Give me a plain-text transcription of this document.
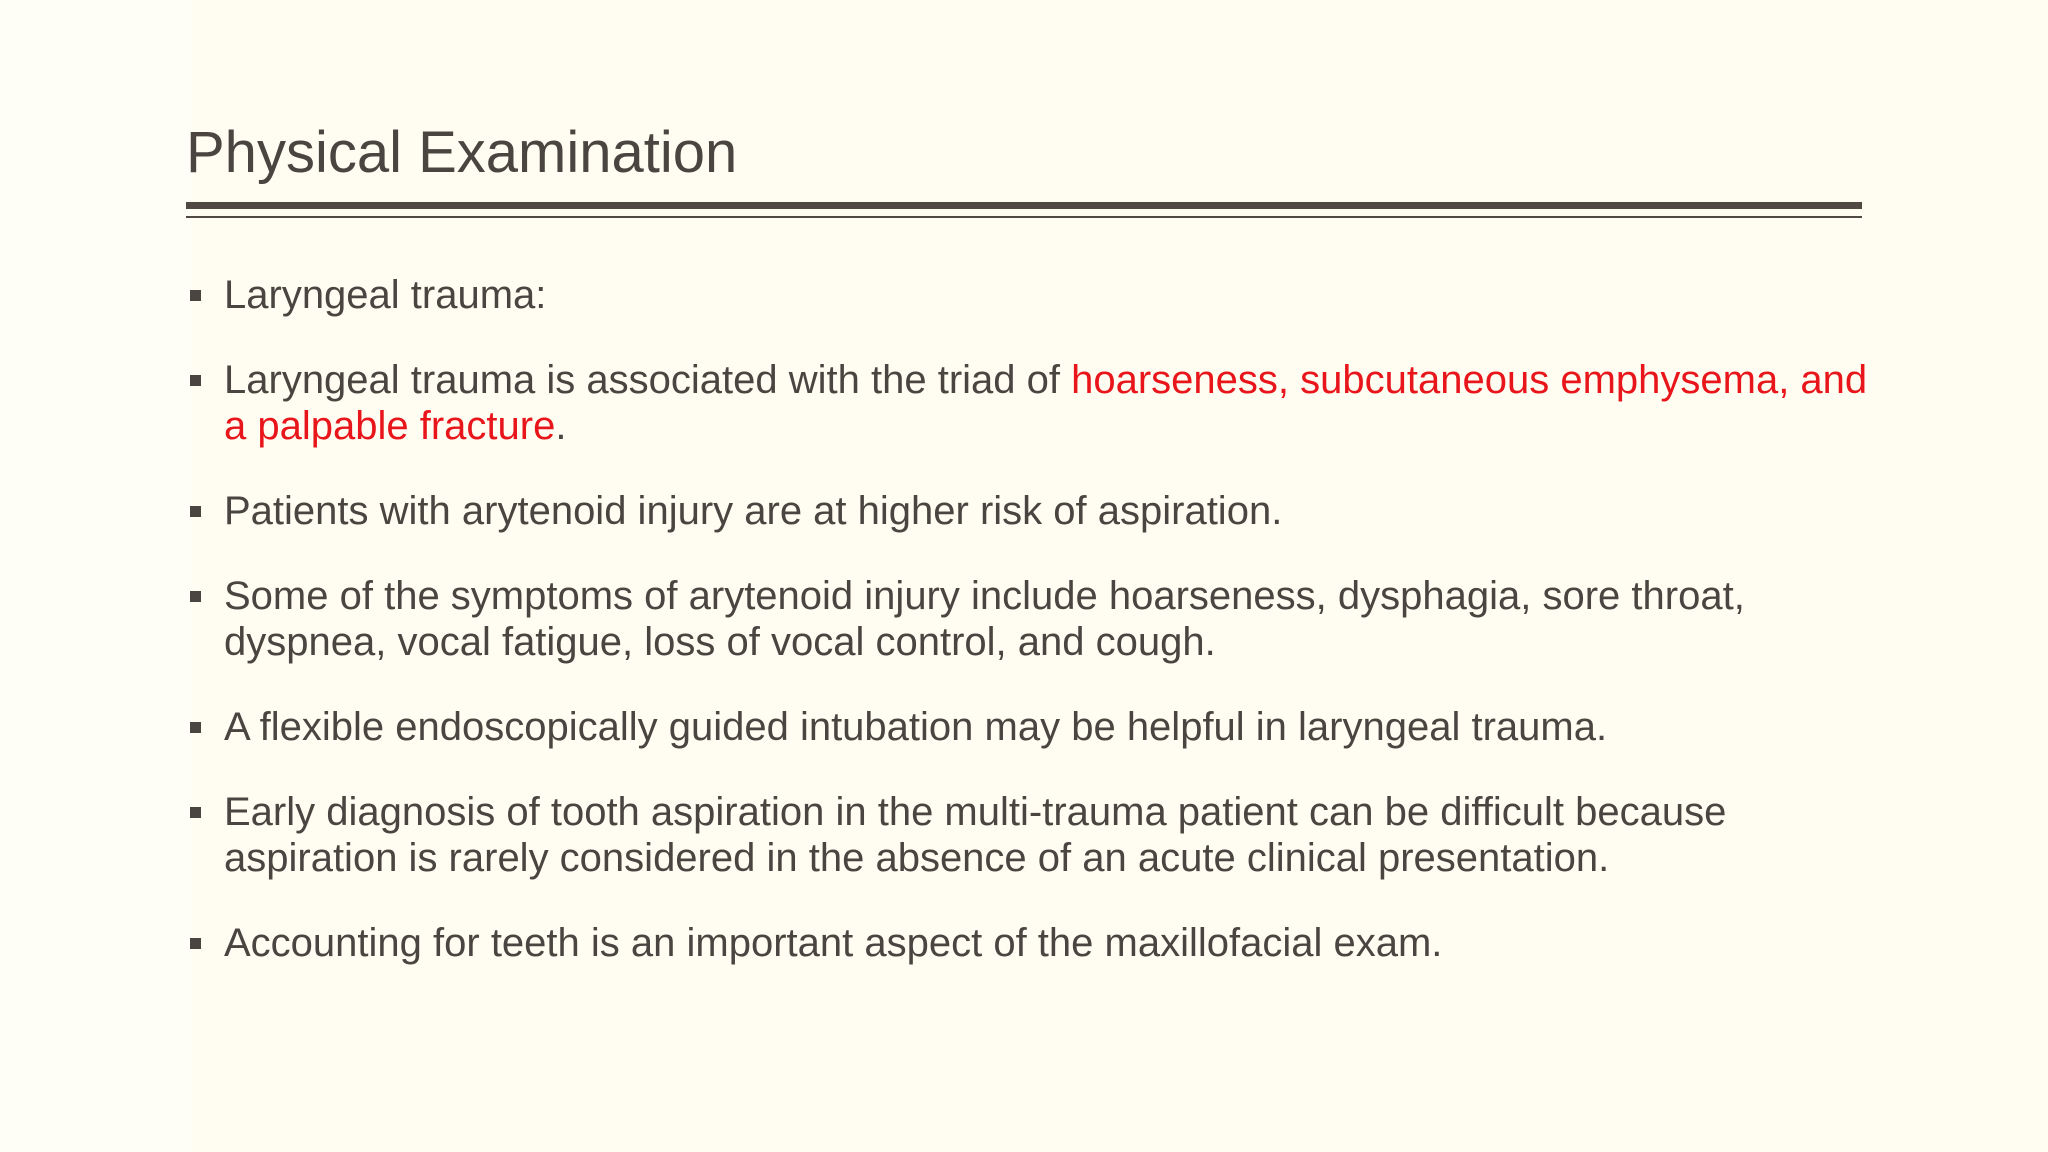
Physical Examination
Laryngeal trauma:
Laryngeal trauma is associated with the triad of hoarseness, subcutaneous emphysema, and a palpable fracture.
Patients with arytenoid injury are at higher risk of aspiration.
Some of the symptoms of arytenoid injury include hoarseness, dysphagia, sore throat, dyspnea, vocal fatigue, loss of vocal control, and cough.
A flexible endoscopically guided intubation may be helpful in laryngeal trauma.
Early diagnosis of tooth aspiration in the multi-trauma patient can be difficult because aspiration is rarely considered in the absence of an acute clinical presentation.
Accounting for teeth is an important aspect of the maxillofacial exam.
